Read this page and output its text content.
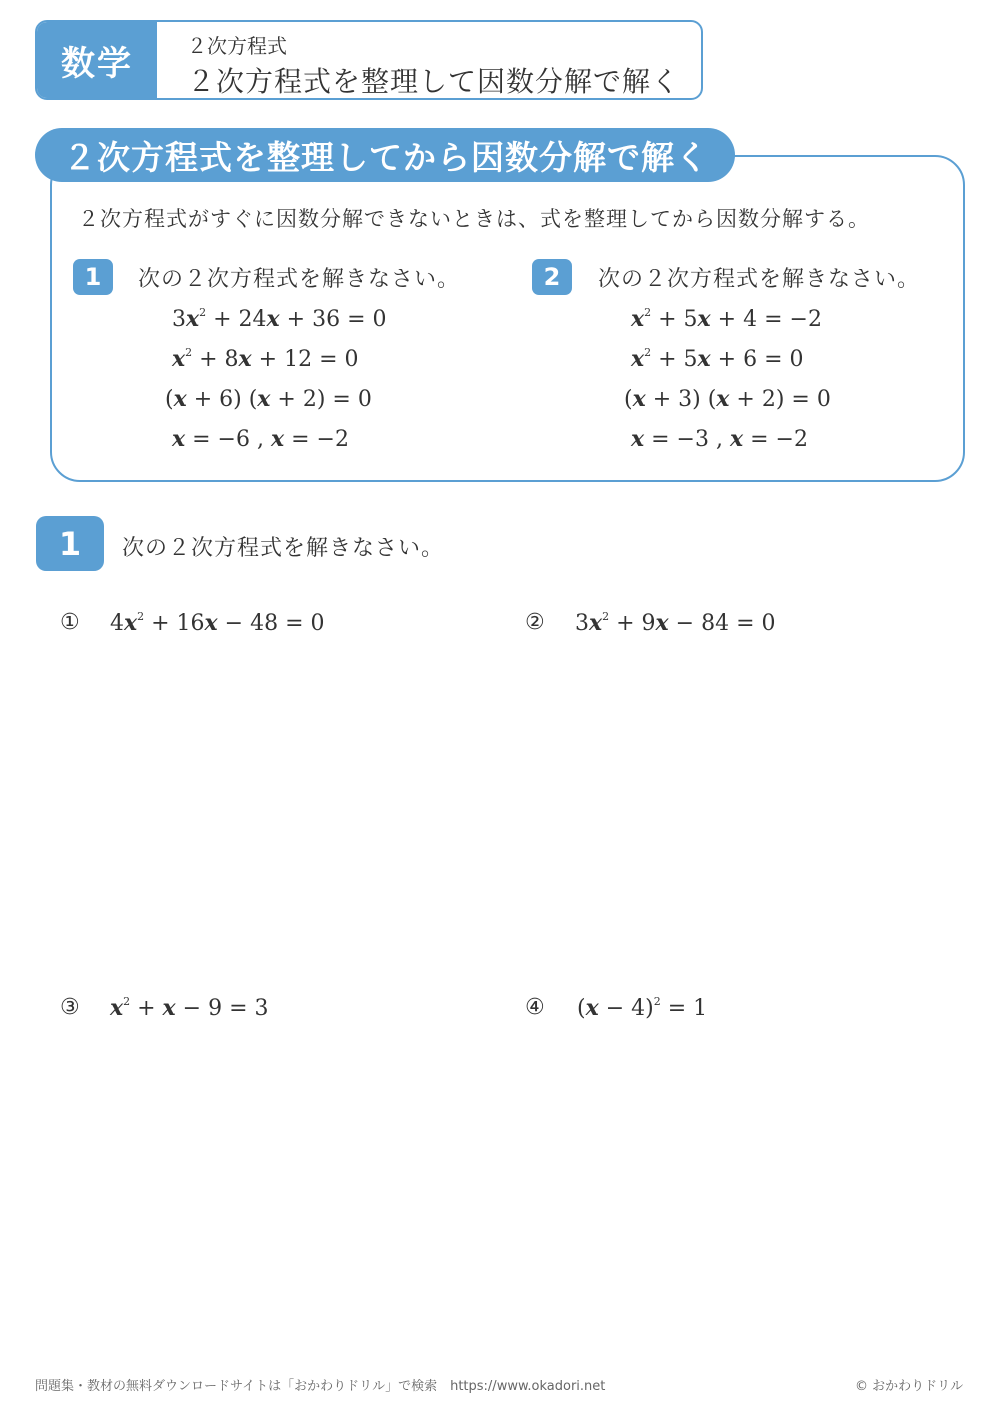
数学	２次方程式
２次方程式を整理して因数分解で解く
２次方程式を整理してから因数分解で解く
２次方程式がすぐに因数分解できないときは、式を整理してから因数分解する。
1	次の２次方程式を解きなさい。
$3x^2 + 24x + 36 = 0$
$x^2 + 8x + 12 = 0$
(x + 6) (x + 2) = 0
x = −6 , x = −2
2	次の２次方程式を解きなさい。
$x^2 + 5x + 4 = -2$
$x^2 + 5x + 6 = 0$
(x + 3) (x + 2) = 0
x = −3 , x = −2
1	次の２次方程式を解きなさい。
① $4x^2 + 16x - 48 = 0$	② $3x^2 + 9x - 84 = 0$
③ $x^2 + x - 9 = 3$	④ $(x - 4)^2 = 1$
問題集・教材の無料ダウンロードサイトは「おかわりドリル」で検索　https://www.okadori.net	© おかわりドリル
